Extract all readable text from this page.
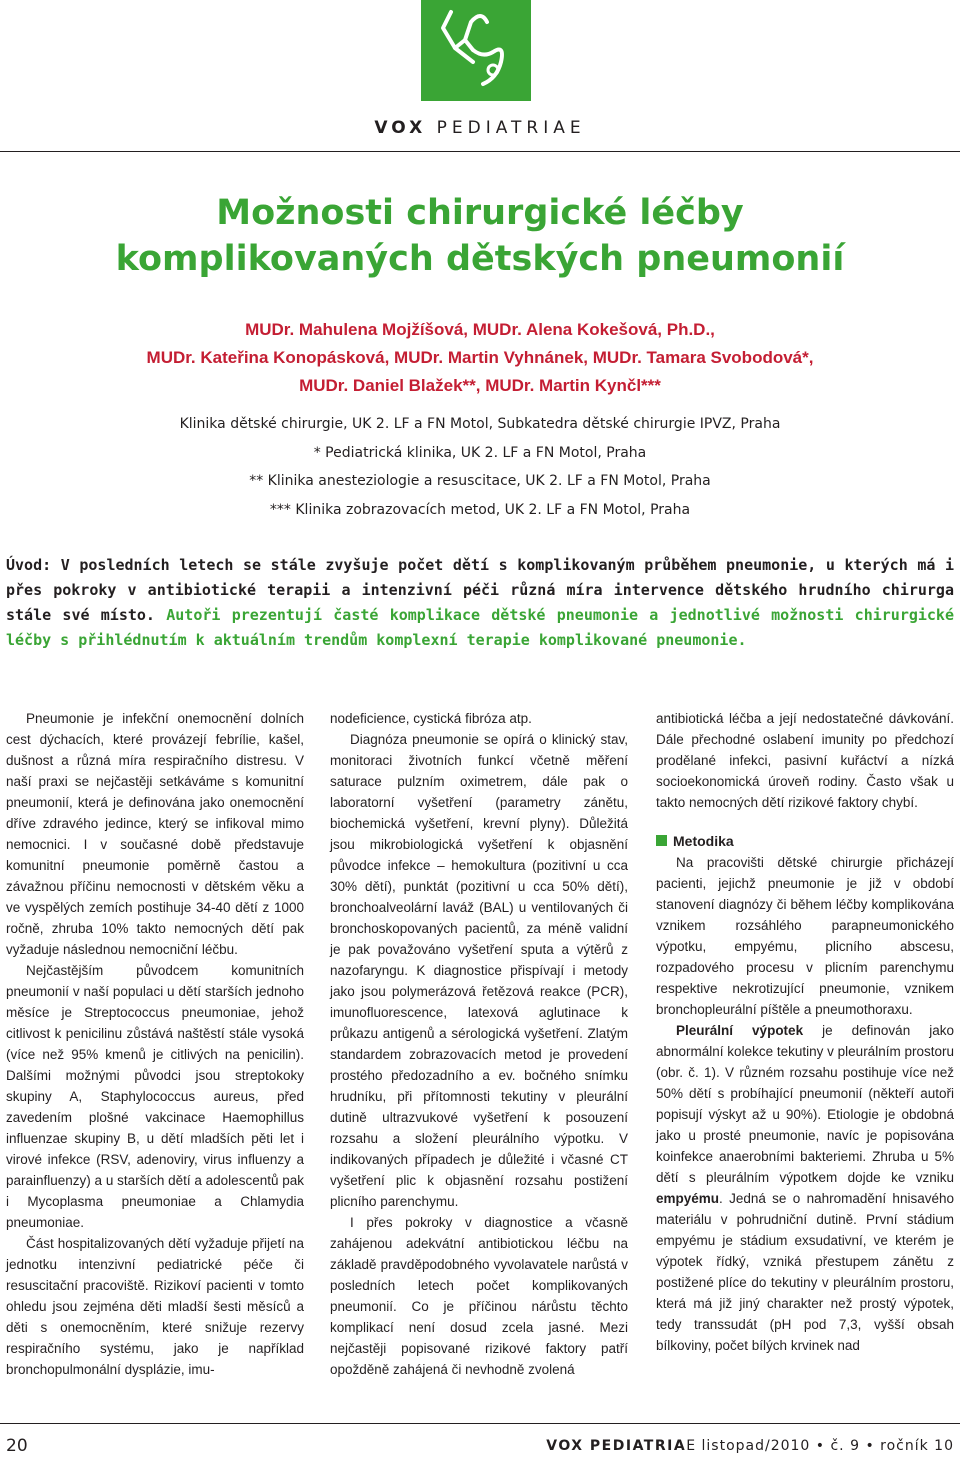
VOX PEDIATRIAE
Možnosti chirurgické léčby
komplikovaných dětských pneumonií
MUDr. Mahulena Mojžíšová, MUDr. Alena Kokešová, Ph.D.,
MUDr. Kateřina Konopásková, MUDr. Martin Vyhnánek, MUDr. Tamara Svobodová*,
MUDr. Daniel Blažek**, MUDr. Martin Kynčl***
Klinika dětské chirurgie, UK 2. LF a FN Motol, Subkatedra dětské chirurgie IPVZ, Praha
* Pediatrická klinika, UK 2. LF a FN Motol, Praha
** Klinika anesteziologie a resuscitace, UK 2. LF a FN Motol, Praha
*** Klinika zobrazovacích metod, UK 2. LF a FN Motol, Praha

Úvod: V posledních letech se stále zvyšuje počet dětí s komplikovaným průběhem pneumonie, u kterých má i přes pokroky v antibiotické terapii a intenzivní péči různá míra intervence dětského hrudního chirurga stále své místo. Autoři prezentují časté komplikace dětské pneumonie a jednotlivé možnosti chirurgické léčby s přihlédnutím k aktuálním trendům komplexní terapie komplikované pneumonie.

Pneumonie je infekční onemocnění dolních cest dýchacích, které provázejí febrílie, kašel, dušnost a různá míra respiračního distresu. V naší praxi se nejčastěji setkáváme s komunitní pneumonií, která je definována jako onemocnění dříve zdravého jedince, který se infikoval mimo nemocnici. I v současné době představuje komunitní pneumonie poměrně častou a závažnou příčinu nemocnosti v dětském věku a ve vyspělých zemích postihuje 34-40 dětí z 1000 ročně, zhruba 10% takto nemocných dětí pak vyžaduje následnou nemocniční léčbu.

Nejčastějším původcem komunitních pneumonií v naší populaci u dětí starších jednoho měsíce je Streptococcus pneumoniae, jehož citlivost k penicilinu zůstává naštěstí stále vysoká (více než 95% kmenů je citlivých na penicilin). Dalšími možnými původci jsou streptokoky skupiny A, Staphylococcus aureus, před zavedením plošné vakcinace Haemophillus influenzae skupiny B, u dětí mladších pěti let i virové infekce (RSV, adenoviry, virus influenzy a parainfluenzy) a u starších dětí a adolescentů pak i Mycoplasma pneumoniae a Chlamydia pneumoniae.

Část hospitalizovaných dětí vyžaduje přijetí na jednotku intenzivní pediatrické péče či resuscitační pracoviště. Rizikoví pacienti v tomto ohledu jsou zejména děti mladší šesti měsíců a děti s onemocněním, které snižuje rezervy respiračního systému, jako je například bronchopulmonální dysplázie, imu-

nodeficience, cystická fibróza atp.

Diagnóza pneumonie se opírá o klinický stav, monitoraci životních funkcí včetně měření saturace pulzním oximetrem, dále pak o laboratorní vyšetření (parametry zánětu, biochemická vyšetření, krevní plyny). Důležitá jsou mikrobiologická vyšetření k objasnění původce infekce – hemokultura (pozitivní u cca 30% dětí), punktát (pozitivní u cca 50% dětí), bronchoalveolární laváž (BAL) u ventilovaných či bronchoskopovaných pacientů, za méně validní je pak považováno vyšetření sputa a výtěrů z nazofaryngu. K diagnostice přispívají i metody jako jsou polymerázová řetězová reakce (PCR), imunofluorescence, latexová aglutinace k průkazu antigenů a sérologická vyšetření. Zlatým standardem zobrazovacích metod je provedení prostého předozadního a ev. bočného snímku hrudníku, při přítomnosti tekutiny v pleurální dutině ultrazvukové vyšetření k posouzení rozsahu a složení pleurálního výpotku. V indikovaných případech je důležité i včasné CT vyšetření plic k objasnění rozsahu postižení plicního parenchymu.

I přes pokroky v diagnostice a včasně zahájenou adekvátní antibiotickou léčbu na základě pravděpodobného vyvolavatele narůstá v posledních letech počet komplikovaných pneumonií. Co je příčinou nárůstu těchto komplikací není dosud zcela jasné. Mezi nejčastěji popisované rizikové faktory patří opožděně zahájená či nevhodně zvolená

antibiotická léčba a její nedostatečné dávkování. Dále přechodné oslabení imunity po předchozí prodělané infekci, pasivní kuřáctví a nízká socioekonomická úroveň rodiny. Často však u takto nemocných dětí rizikové faktory chybí.

Metodika

Na pracovišti dětské chirurgie přicházejí pacienti, jejichž pneumonie je již v období stanovení diagnózy či během léčby komplikována vznikem rozsáhlého parapneumonického výpotku, empyému, plicního abscesu, rozpadového procesu v plicním parenchymu respektive nekrotizující pneumonie, vznikem bronchopleurální píštěle a pneumothoraxu.

Pleurální výpotek je definován jako abnormální kolekce tekutiny v pleurálním prostoru (obr. č. 1). V různém rozsahu postihuje více než 50% dětí s probíhající pneumonií (někteří autoři popisují výskyt až u 90%). Etiologie je obdobná jako u prosté pneumonie, navíc je popisována koinfekce anaerobními bakteriemi. Zhruba u 5% dětí s pleurálním výpotkem dojde ke vzniku empyému. Jedná se o nahromadění hnisavého materiálu v pohrudniční dutině. První stádium empyému je stádium exsudativní, ve kterém je výpotek řídký, vzniká přestupem zánětu z postižené plíce do tekutiny v pleurálním prostoru, která má již jiný charakter než prostý výpotek, tedy transsudát (pH pod 7,3, vyšší obsah bílkoviny, počet bílých krvinek nad

20	VOX PEDIATRIAE listopad/2010 • č. 9 • ročník 10
